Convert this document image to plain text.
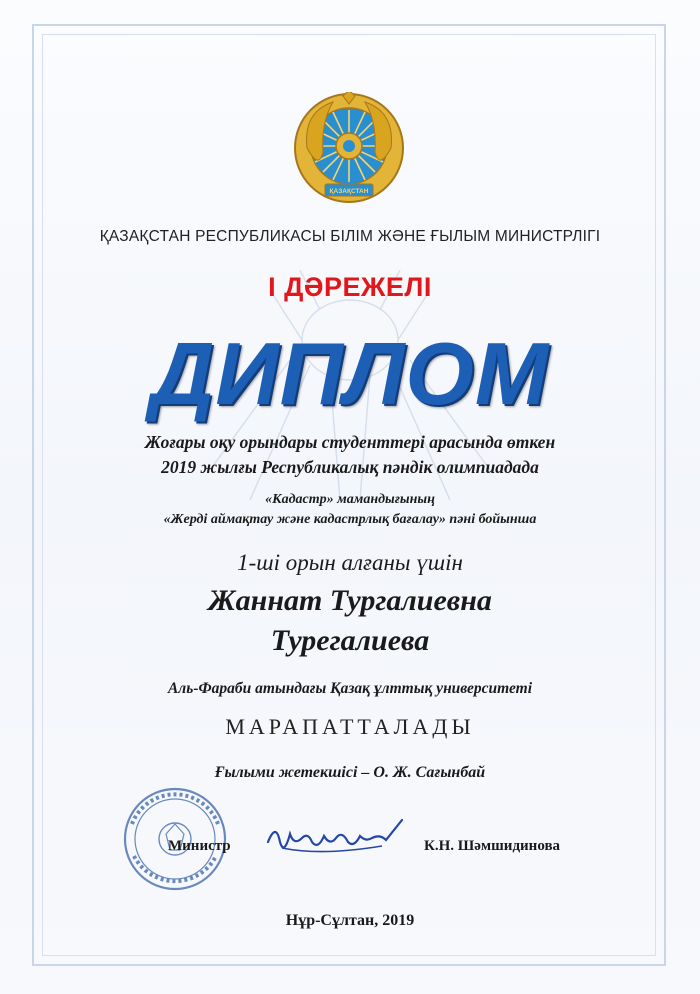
ҚАЗАҚСТАН

ҚАЗАҚСТАН РЕСПУБЛИКАСЫ БІЛІМ ЖӘНЕ ҒЫЛЫМ МИНИСТРЛІГІ

І ДӘРЕЖЕЛІ

ДИПЛОМ

Жоғары оқу орындары студенттері арасында өткен

2019 жылғы Республикалық пәндік олимпиадада

«Кадастр» мамандығының

«Жерді аймақтау және кадастрлық бағалау» пәні бойынша

1-ші орын алғаны үшін

Жаннат Тургалиевна

Турегалиева

Аль-Фараби атындағы Қазақ ұлттық университеті

МАРАПАТТАЛАДЫ

Ғылыми жетекшісі – О. Ж. Сағынбай

Министр	К.Н. Шәмшидинова

Нұр-Сұлтан, 2019
